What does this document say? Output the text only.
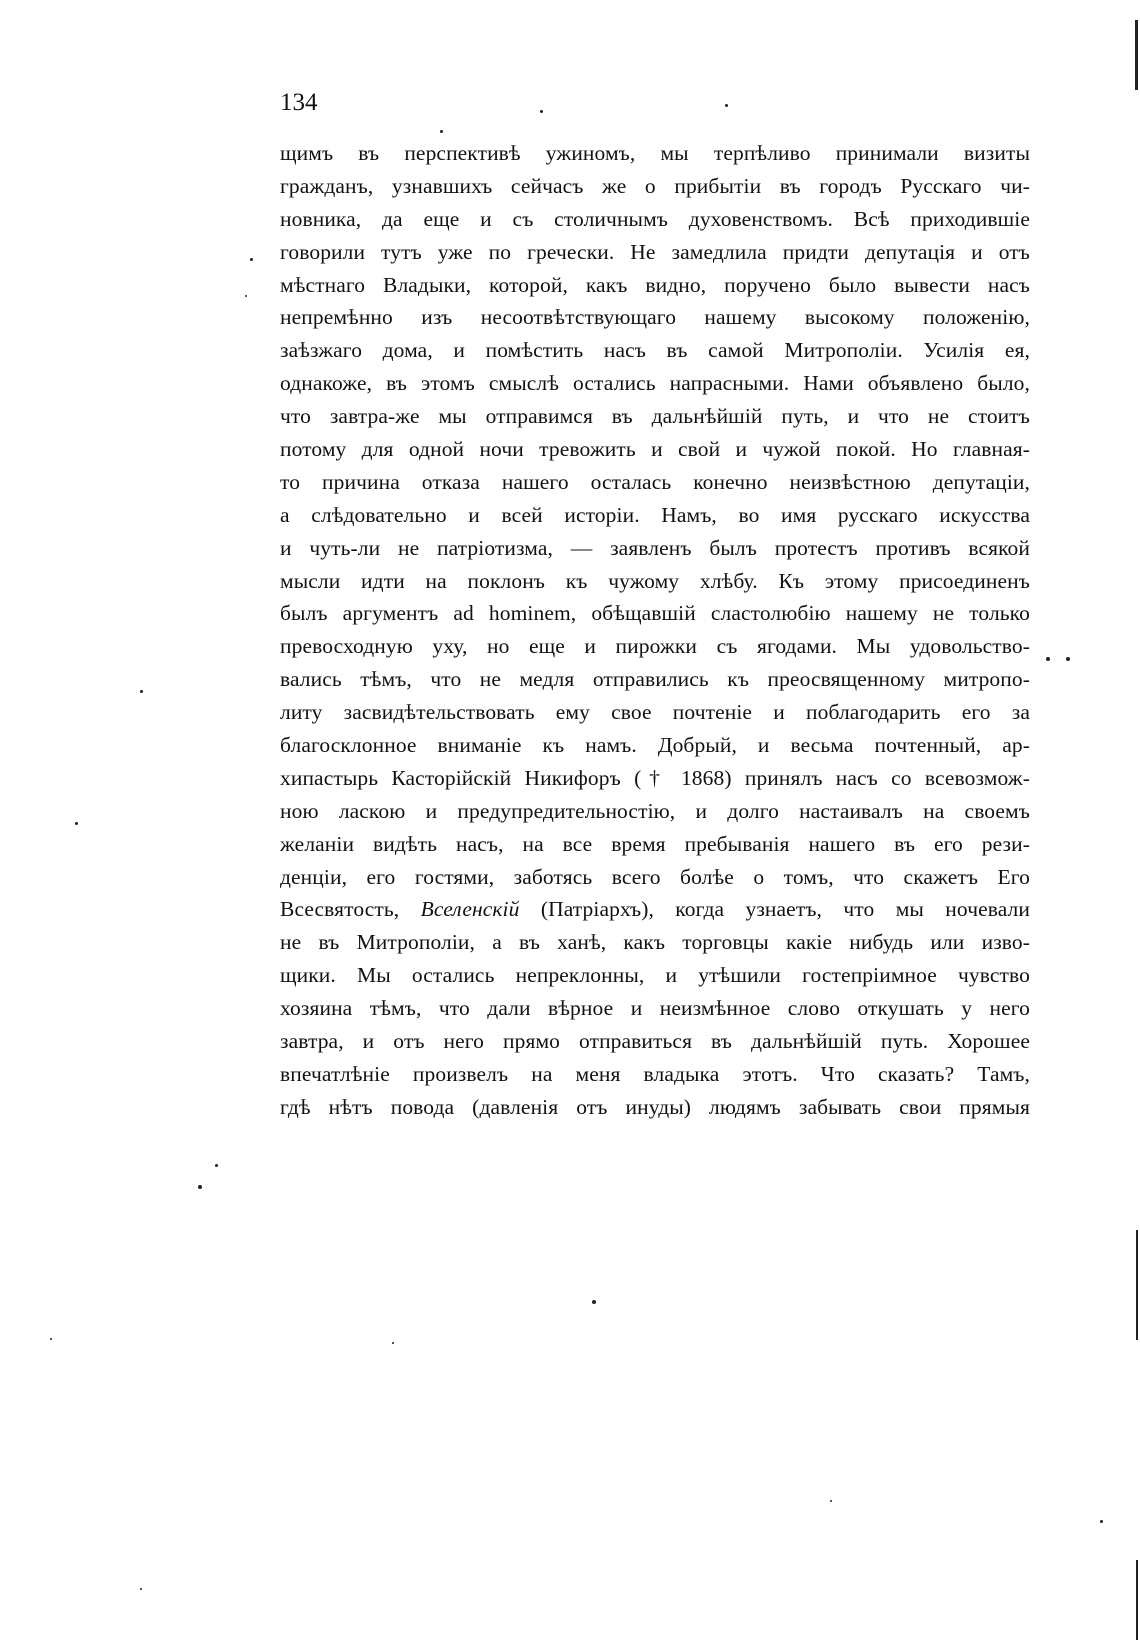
134
щимъ въ перспективѣ ужиномъ, мы терпѣливо принимали визиты
гражданъ, узнавшихъ сейчасъ же о прибытіи въ городъ Русскаго чи-
новника, да еще и съ столичнымъ духовенствомъ. Всѣ приходившіе
говорили тутъ уже по гречески. Не замедлила придти депутація и отъ
мѣстнаго Владыки, которой, какъ видно, поручено было вывести насъ
непремѣнно изъ несоотвѣтствующаго нашему высокому положенію,
заѣзжаго дома, и помѣстить насъ въ самой Митрополіи. Усилія ея,
однакоже, въ этомъ смыслѣ остались напрасными. Нами объявлено было,
что завтра-же мы отправимся въ дальнѣйшій путь, и что не стоитъ
потому для одной ночи тревожить и свой и чужой покой. Но главная-
то причина отказа нашего осталась конечно неизвѣстною депутаціи,
а слѣдовательно и всей исторіи. Намъ, во имя русскаго искусства
и чуть-ли не патріотизма, — заявленъ былъ протестъ противъ всякой
мысли идти на поклонъ къ чужому хлѣбу. Къ этому присоединенъ
былъ аргументъ ad hominem, обѣщавшій сластолюбію нашему не только
превосходную уху, но еще и пирожки съ ягодами. Мы удовольство-
вались тѣмъ, что не медля отправились къ преосвященному митропо-
литу засвидѣтельствовать ему свое почтеніе и поблагодарить его за
благосклонное вниманіе къ намъ. Добрый, и весьма почтенный, ар-
хипастырь Касторійскій Никифоръ († 1868) принялъ насъ со всевозмож-
ною ласкою и предупредительностію, и долго настаивалъ на своемъ
желаніи видѣть насъ, на все время пребыванія нашего въ его рези-
денціи, его гостями, заботясь всего болѣе о томъ, что скажетъ Его
Всесвятость, Вселенскій (Патріархъ), когда узнаетъ, что мы ночевали
не въ Митрополіи, а въ ханѣ, какъ торговцы какіе нибудь или изво-
щики. Мы остались непреклонны, и утѣшили гостепріимное чувство
хозяина тѣмъ, что дали вѣрное и неизмѣнное слово откушать у него
завтра, и отъ него прямо отправиться въ дальнѣйшій путь. Хорошее
впечатлѣніе произвелъ на меня владыка этотъ. Что сказать? Тамъ,
гдѣ нѣтъ повода (давленія отъ инуды) людямъ забывать свои прямыя
